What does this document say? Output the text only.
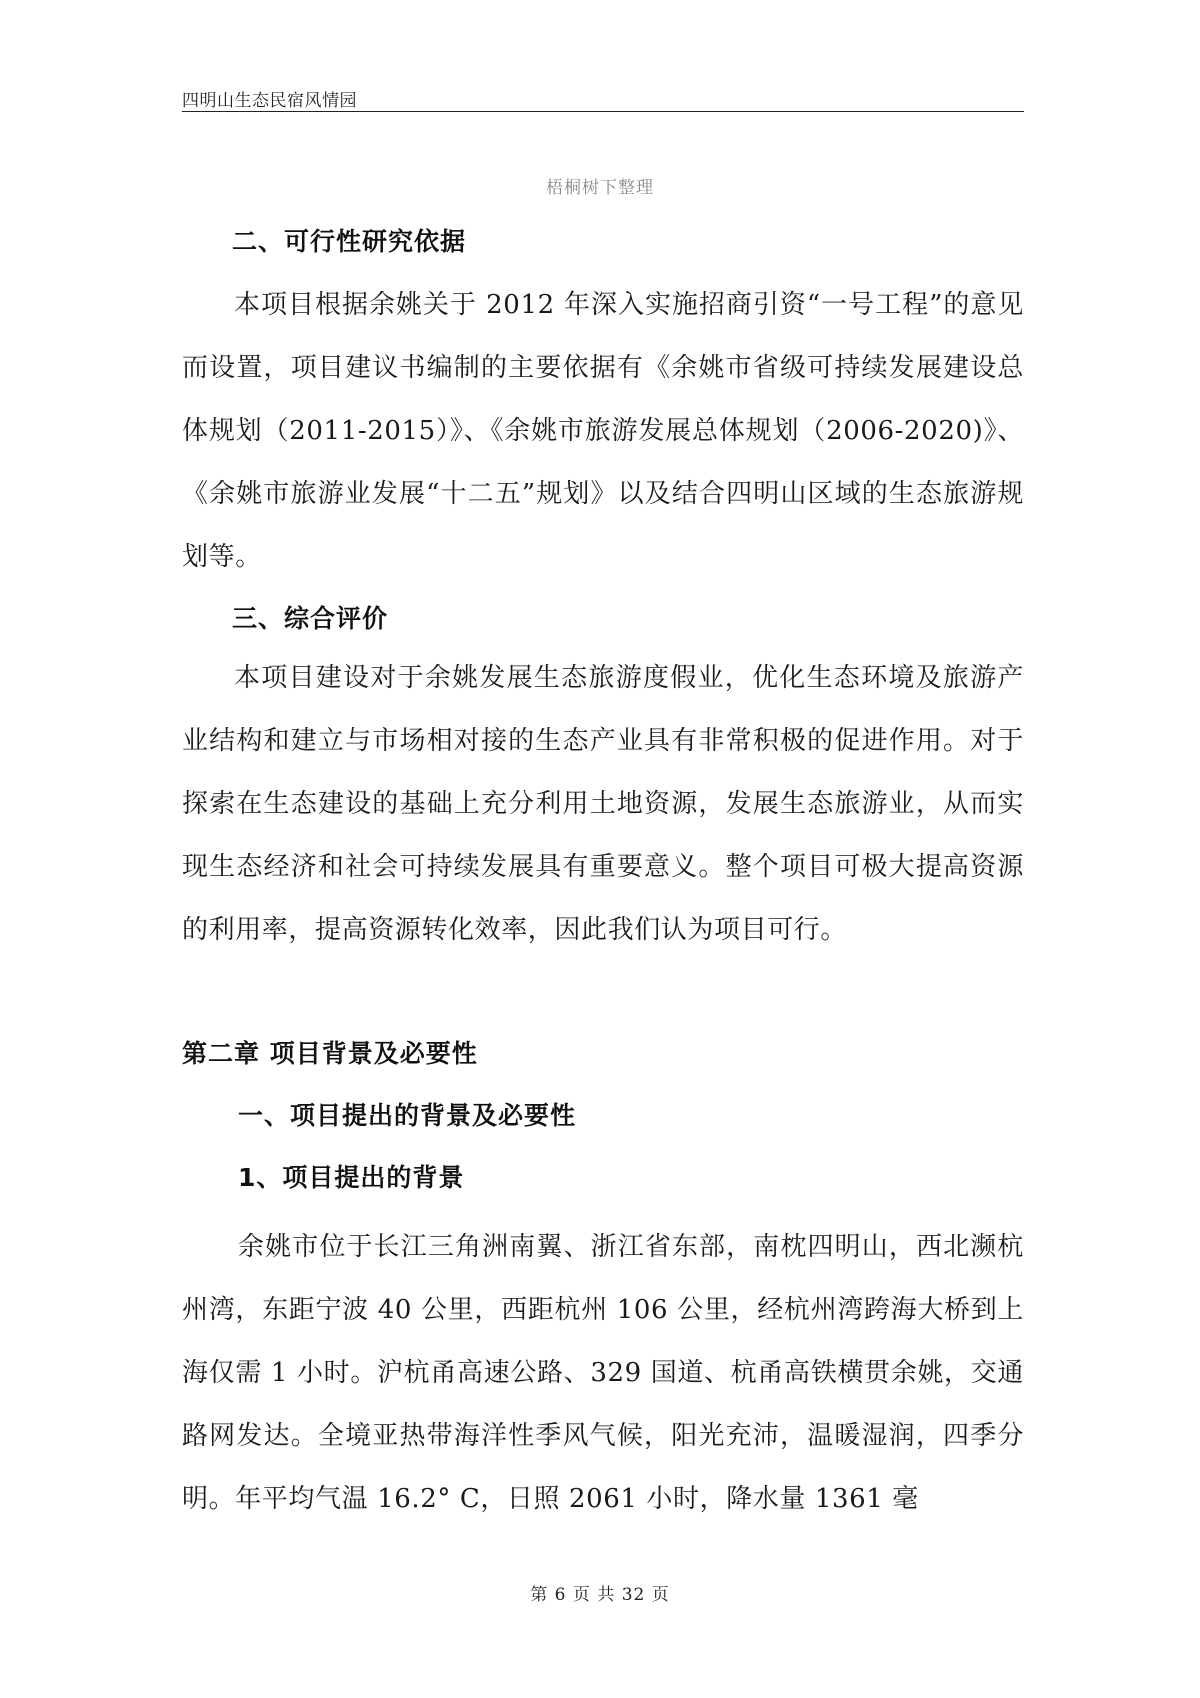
四明山生态民宿风情园
梧桐树下整理
二、可行性研究依据

本项目根据余姚关于 2012 年深入实施招商引资“一号工程”的意见而设置，项目建议书编制的主要依据有《余姚市省级可持续发展建设总体规划（2011-2015）》、《余姚市旅游发展总体规划（2006-2020)》、《余姚市旅游业发展“十二五”规划》以及结合四明山区域的生态旅游规划等。

三、综合评价

本项目建设对于余姚发展生态旅游度假业，优化生态环境及旅游产业结构和建立与市场相对接的生态产业具有非常积极的促进作用。对于探索在生态建设的基础上充分利用土地资源，发展生态旅游业，从而实现生态经济和社会可持续发展具有重要意义。整个项目可极大提高资源的利用率，提高资源转化效率，因此我们认为项目可行。

第二章 项目背景及必要性
一、项目提出的背景及必要性
1、项目提出的背景

余姚市位于长江三角洲南翼、浙江省东部，南枕四明山，西北濒杭州湾，东距宁波 40 公里，西距杭州 106 公里，经杭州湾跨海大桥到上海仅需 1 小时。沪杭甬高速公路、329 国道、杭甬高铁横贯余姚，交通路网发达。全境亚热带海洋性季风气候，阳光充沛，温暖湿润，四季分明。年平均气温 16.2° C，日照 2061 小时，降水量 1361 毫

第 6 页 共 32 页
